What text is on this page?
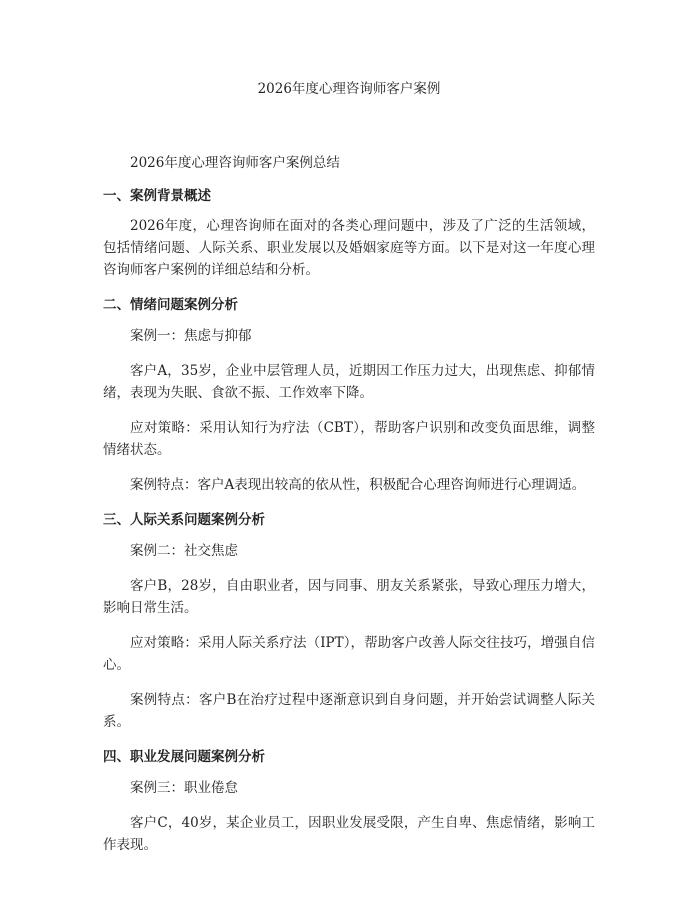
2026年度心理咨询师客户案例

2026年度心理咨询师客户案例总结

一、案例背景概述

2026年度，心理咨询师在面对的各类心理问题中，涉及了广泛的生活领域，包括情绪问题、人际关系、职业发展以及婚姻家庭等方面。以下是对这一年度心理咨询师客户案例的详细总结和分析。

二、情绪问题案例分析

案例一：焦虑与抑郁

客户A，35岁，企业中层管理人员，近期因工作压力过大，出现焦虑、抑郁情绪，表现为失眠、食欲不振、工作效率下降。

应对策略：采用认知行为疗法（CBT），帮助客户识别和改变负面思维，调整情绪状态。

案例特点：客户A表现出较高的依从性，积极配合心理咨询师进行心理调适。

三、人际关系问题案例分析

案例二：社交焦虑

客户B，28岁，自由职业者，因与同事、朋友关系紧张，导致心理压力增大，影响日常生活。

应对策略：采用人际关系疗法（IPT），帮助客户改善人际交往技巧，增强自信心。

案例特点：客户B在治疗过程中逐渐意识到自身问题，并开始尝试调整人际关系。

四、职业发展问题案例分析

案例三：职业倦怠

客户C，40岁，某企业员工，因职业发展受限，产生自卑、焦虑情绪，影响工作表现。
